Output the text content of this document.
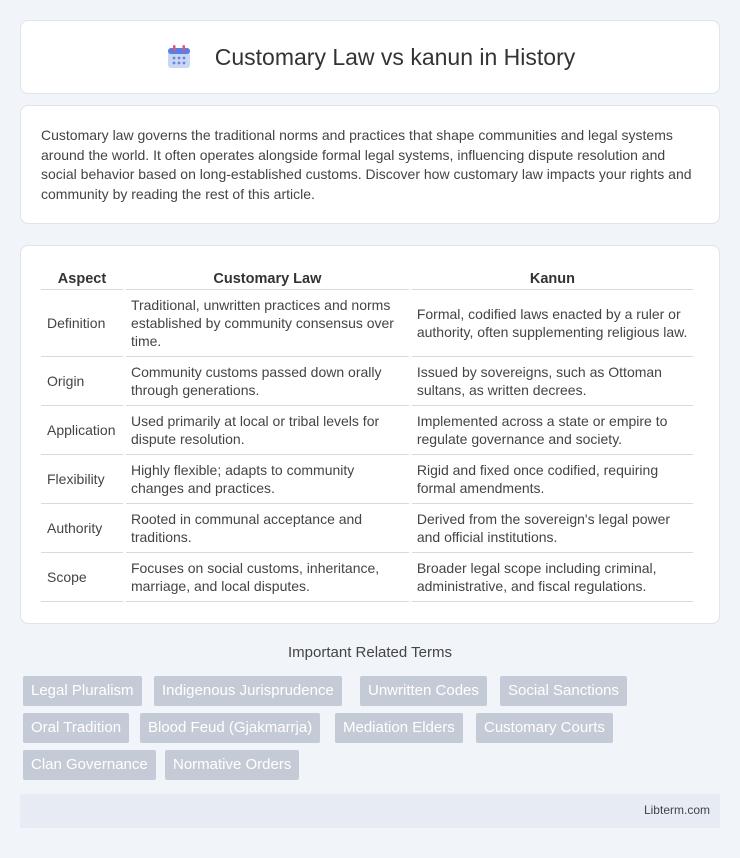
Customary Law vs kanun in History

Customary law governs the traditional norms and practices that shape communities and legal systems around the world. It often operates alongside formal legal systems, influencing dispute resolution and social behavior based on long-established customs. Discover how customary law impacts your rights and community by reading the rest of this article.

Aspect	Customary Law	Kanun
Definition	Traditional, unwritten practices and norms established by community consensus over time.	Formal, codified laws enacted by a ruler or authority, often supplementing religious law.
Origin	Community customs passed down orally through generations.	Issued by sovereigns, such as Ottoman sultans, as written decrees.
Application	Used primarily at local or tribal levels for dispute resolution.	Implemented across a state or empire to regulate governance and society.
Flexibility	Highly flexible; adapts to community changes and practices.	Rigid and fixed once codified, requiring formal amendments.
Authority	Rooted in communal acceptance and traditions.	Derived from the sovereign's legal power and official institutions.
Scope	Focuses on social customs, inheritance, marriage, and local disputes.	Broader legal scope including criminal, administrative, and fiscal regulations.
Important Related Terms
Legal Pluralism	Indigenous Jurisprudence	Unwritten Codes	Social Sanctions
Oral Tradition	Blood Feud (Gjakmarrja)	Mediation Elders	Customary Courts
Clan Governance	Normative Orders
Libterm.com
